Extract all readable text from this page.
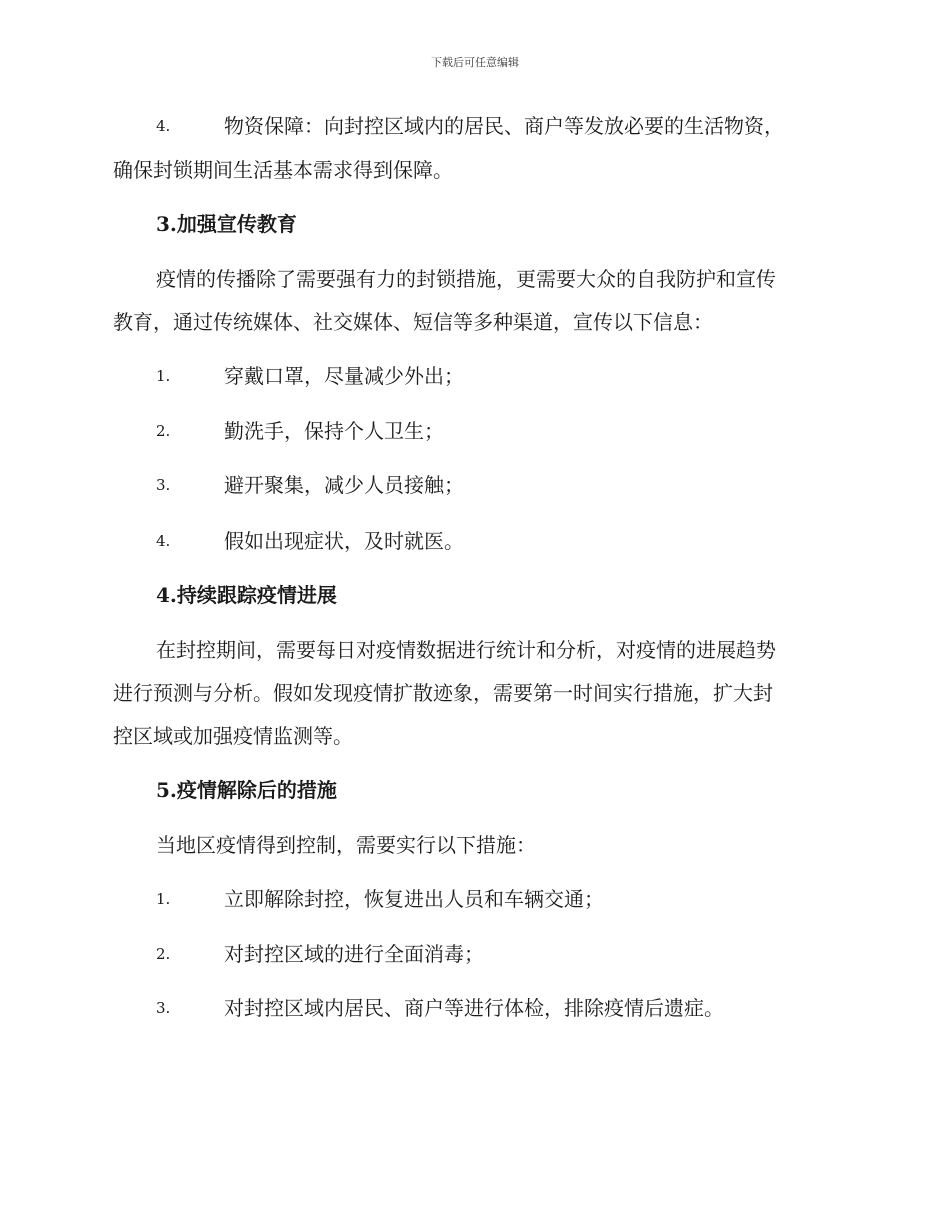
下载后可任意编辑
4.	物资保障：向封控区域内的居民、商户等发放必要的生活物资，
确保封锁期间生活基本需求得到保障。
3.加强宣传教育
疫情的传播除了需要强有力的封锁措施，更需要大众的自我防护和宣传
教育，通过传统媒体、社交媒体、短信等多种渠道，宣传以下信息：
1.	穿戴口罩，尽量减少外出；
2.	勤洗手，保持个人卫生；
3.	避开聚集，减少人员接触；
4.	假如出现症状，及时就医。
4.持续跟踪疫情进展
在封控期间，需要每日对疫情数据进行统计和分析，对疫情的进展趋势
进行预测与分析。假如发现疫情扩散迹象，需要第一时间实行措施，扩大封
控区域或加强疫情监测等。
5.疫情解除后的措施
当地区疫情得到控制，需要实行以下措施：
1.	立即解除封控，恢复进出人员和车辆交通；
2.	对封控区域的进行全面消毒；
3.	对封控区域内居民、商户等进行体检，排除疫情后遗症。
